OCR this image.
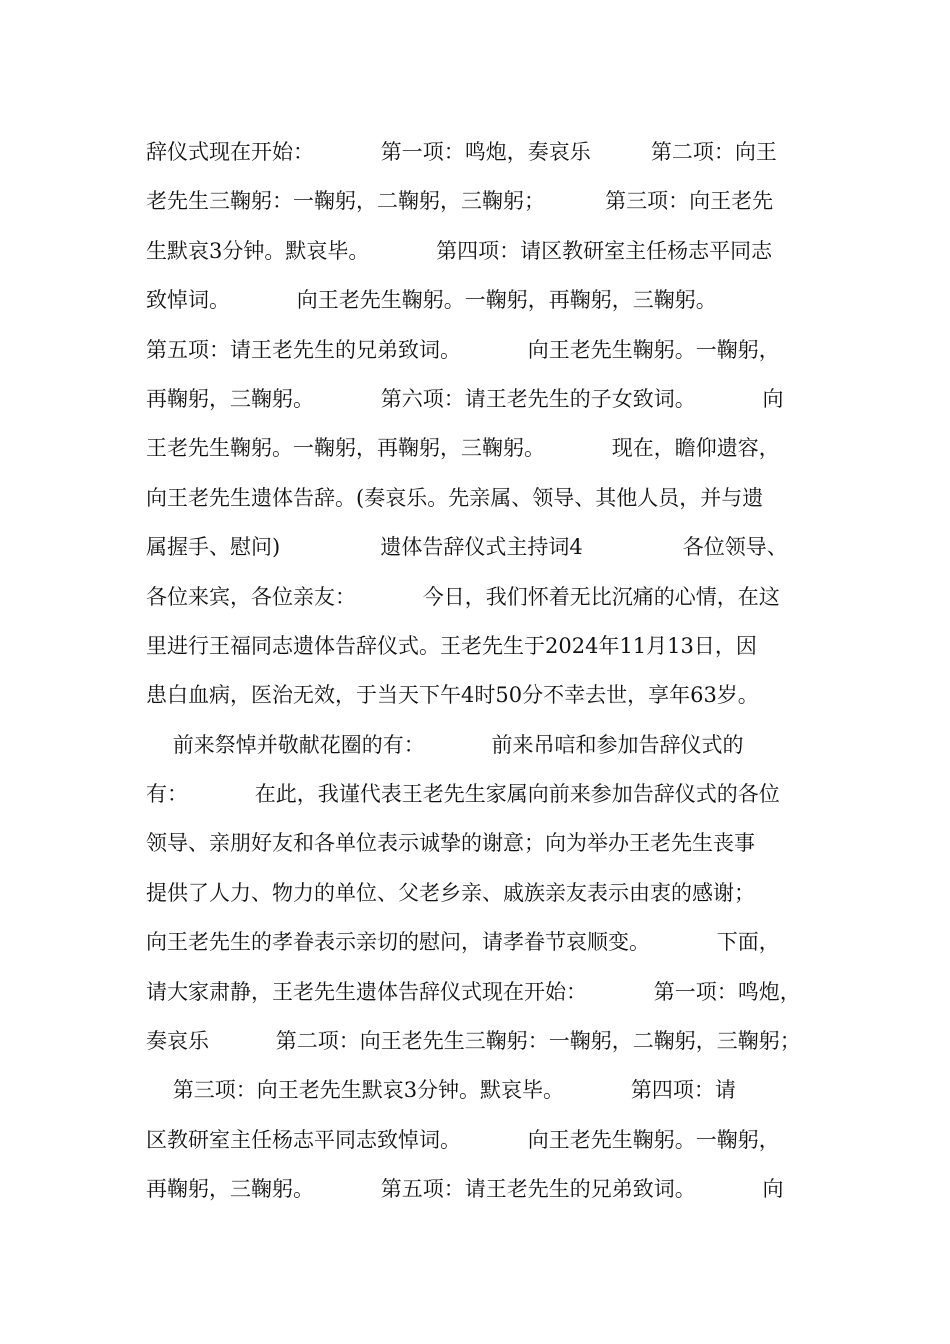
辞仪式现在开始：          第一项：鸣炮，奏哀乐         第二项：向王
老先生三鞠躬：一鞠躬，二鞠躬，三鞠躬；         第三项：向王老先
生默哀3分钟。默哀毕。          第四项：请区教研室主任杨志平同志
致悼词。          向王老先生鞠躬。一鞠躬，再鞠躬，三鞠躬。
第五项：请王老先生的兄弟致词。          向王老先生鞠躬。一鞠躬，
再鞠躬，三鞠躬。          第六项：请王老先生的子女致词。          向
王老先生鞠躬。一鞠躬，再鞠躬，三鞠躬。          现在，瞻仰遗容，
向王老先生遗体告辞。(奏哀乐。先亲属、领导、其他人员，并与遗
属握手、慰问)               遗体告辞仪式主持词4               各位领导、
各位来宾，各位亲友：          今日，我们怀着无比沉痛的心情，在这
里进行王福同志遗体告辞仪式。王老先生于2024年11月13日，因
患白血病，医治无效，于当天下午4时50分不幸去世，享年63岁。
前来祭悼并敬献花圈的有：          前来吊唁和参加告辞仪式的
有：          在此，我谨代表王老先生家属向前来参加告辞仪式的各位
领导、亲朋好友和各单位表示诚挚的谢意；向为举办王老先生丧事
提供了人力、物力的单位、父老乡亲、戚族亲友表示由衷的感谢；
向王老先生的孝眷表示亲切的慰问，请孝眷节哀顺变。          下面，
请大家肃静，王老先生遗体告辞仪式现在开始：          第一项：鸣炮，
奏哀乐          第二项：向王老先生三鞠躬：一鞠躬，二鞠躬，三鞠躬；
第三项：向王老先生默哀3分钟。默哀毕。          第四项：请
区教研室主任杨志平同志致悼词。          向王老先生鞠躬。一鞠躬，
再鞠躬，三鞠躬。          第五项：请王老先生的兄弟致词。          向
